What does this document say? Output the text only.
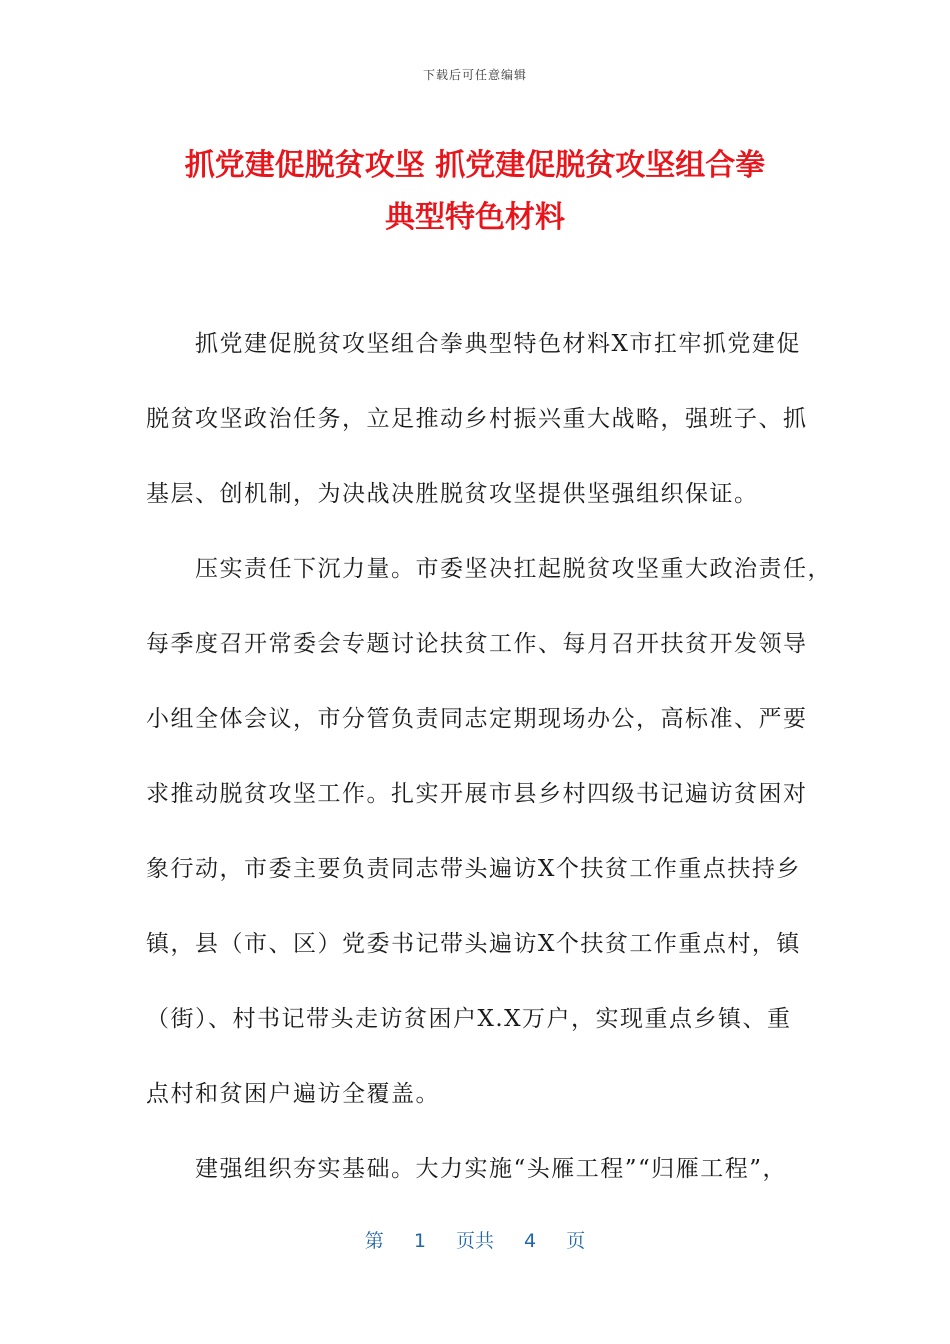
下载后可任意编辑
抓党建促脱贫攻坚 抓党建促脱贫攻坚组合拳
典型特色材料
　　抓党建促脱贫攻坚组合拳典型特色材料X市扛牢抓党建促
脱贫攻坚政治任务，立足推动乡村振兴重大战略，强班子、抓
基层、创机制，为决战决胜脱贫攻坚提供坚强组织保证。
　　压实责任下沉力量。市委坚决扛起脱贫攻坚重大政治责任，
每季度召开常委会专题讨论扶贫工作、每月召开扶贫开发领导
小组全体会议，市分管负责同志定期现场办公，高标准、严要
求推动脱贫攻坚工作。扎实开展市县乡村四级书记遍访贫困对
象行动，市委主要负责同志带头遍访X个扶贫工作重点扶持乡
镇，县（市、区）党委书记带头遍访X个扶贫工作重点村，镇
（街）、村书记带头走访贫困户X.X万户，实现重点乡镇、重
点村和贫困户遍访全覆盖。
　　建强组织夯实基础。大力实施“头雁工程”“归雁工程”，
第 1 页共 4 页
